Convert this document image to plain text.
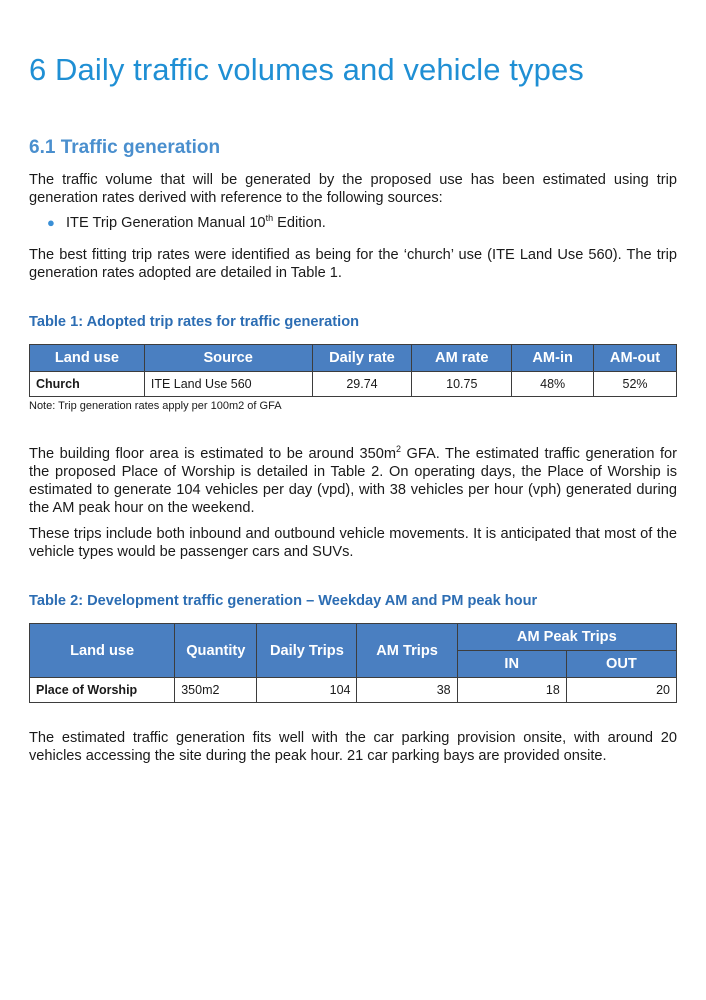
6 Daily traffic volumes and vehicle types
6.1 Traffic generation

The traffic volume that will be generated by the proposed use has been estimated using trip generation rates derived with reference to the following sources:

● ITE Trip Generation Manual 10th Edition.

The best fitting trip rates were identified as being for the ‘church’ use (ITE Land Use 560). The trip generation rates adopted are detailed in Table 1.

Table 1: Adopted trip rates for traffic generation

Land use	Source	Daily rate	AM rate	AM-in	AM-out
Church	ITE Land Use 560	29.74	10.75	48%	52%
Note: Trip generation rates apply per 100m2 of GFA

The building floor area is estimated to be around $350m^2$ GFA. The estimated traffic generation for the proposed Place of Worship is detailed in Table 2. On operating days, the Place of Worship is estimated to generate 104 vehicles per day (vpd), with 38 vehicles per hour (vph) generated during the AM peak hour on the weekend.

These trips include both inbound and outbound vehicle movements. It is anticipated that most of the vehicle types would be passenger cars and SUVs.

Table 2: Development traffic generation – Weekday AM and PM peak hour

Land use	Quantity	Daily Trips	AM Trips	AM Peak Trips	
				IN	OUT
Place of Worship	350m2	104	38	18	20

The estimated traffic generation fits well with the car parking provision onsite, with around 20 vehicles accessing the site during the peak hour. 21 car parking bays are provided onsite.
